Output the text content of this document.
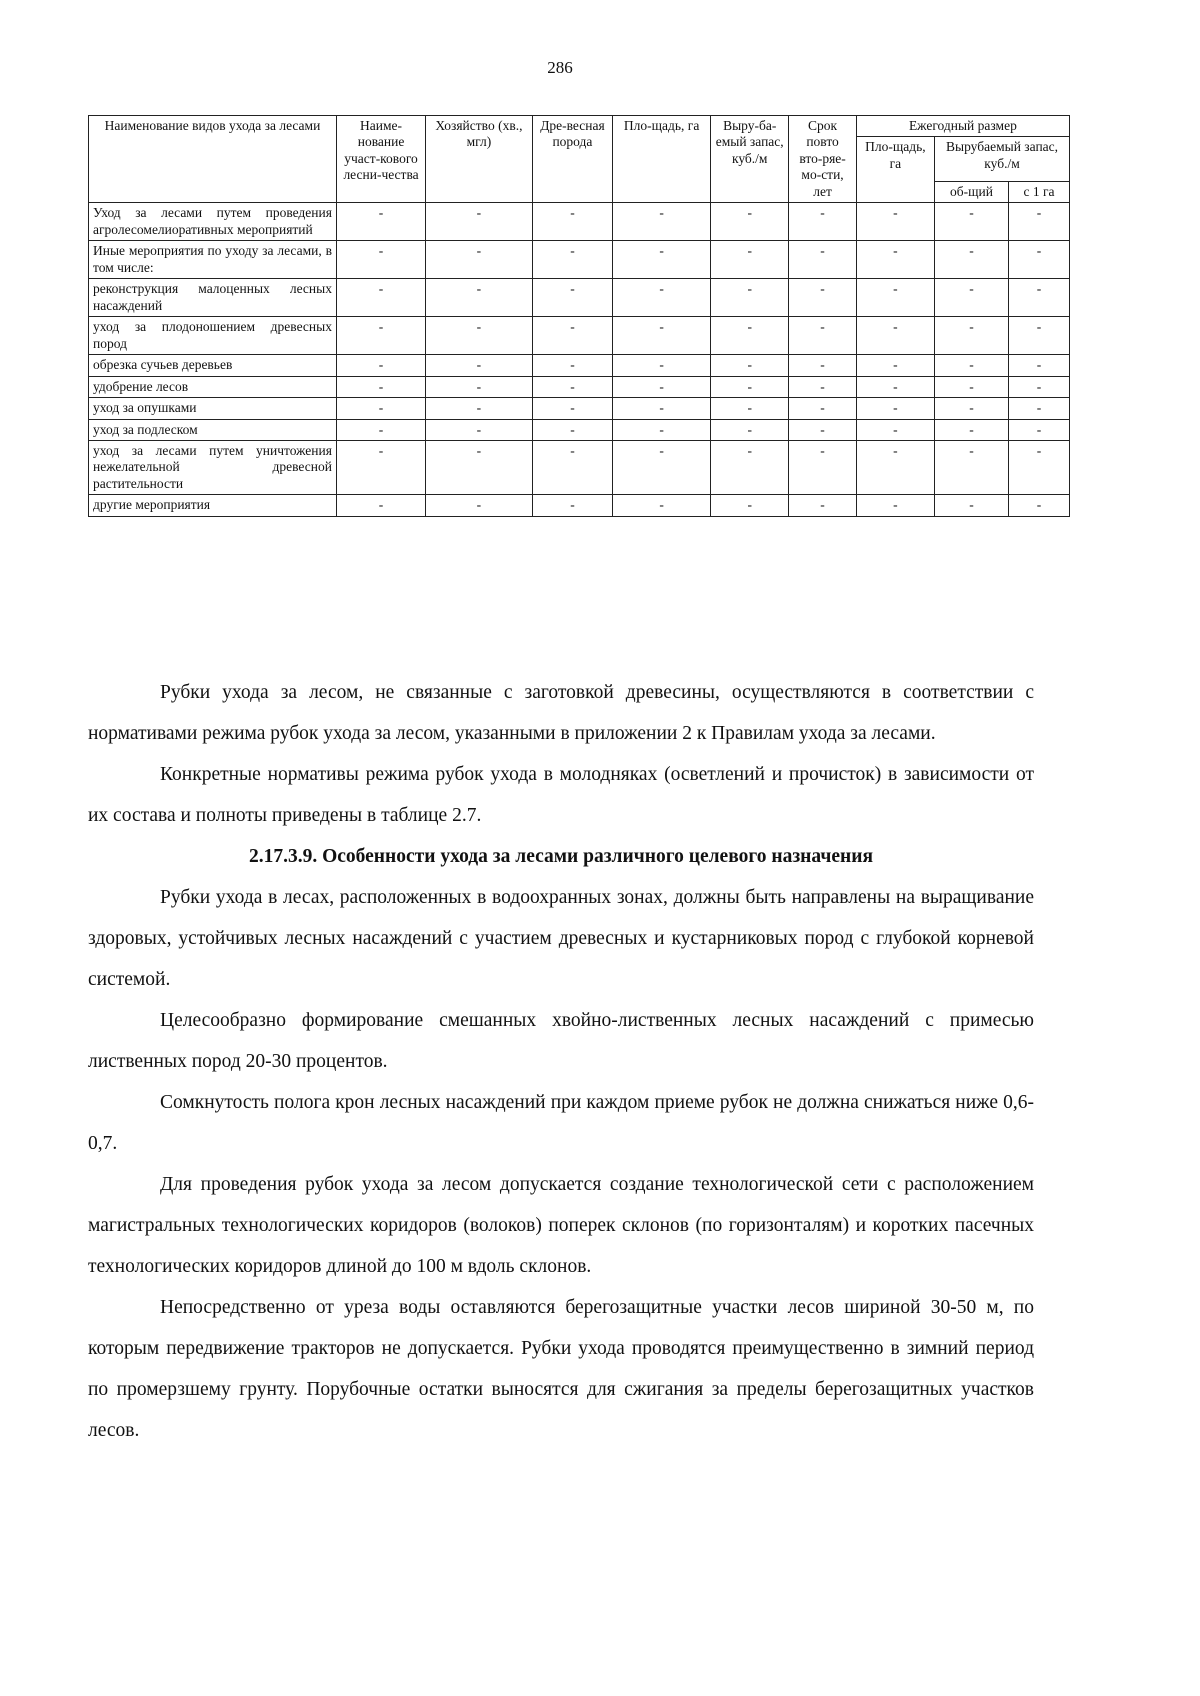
286
Наименование видов ухода за лесами	Наиме-нование участ-кового лесни-чества	Хозяйство (хв., мгл)	Дре-весная порода	Пло-щадь, га	Выру-ба-емый запас, куб./м	Срок повто вто-ряе-мо-сти, лет	Ежегодный размер		
							Пло-щадь, га	Вырубаемый запас, куб./м	
								об-щий	с 1 га
Уход за лесами путем проведения агролесомелиоративных мероприятий	-	-	-	-	-	-	-	-	-
Иные мероприятия по уходу за лесами, в том числе:	-	-	-	-	-	-	-	-	-
реконструкция малоценных лесных насаждений	-	-	-	-	-	-	-	-	-
уход за плодоношением древесных пород	-	-	-	-	-	-	-	-	-
обрезка сучьев деревьев	-	-	-	-	-	-	-	-	-
удобрение лесов	-	-	-	-	-	-	-	-	-
уход за опушками	-	-	-	-	-	-	-	-	-
уход за подлеском	-	-	-	-	-	-	-	-	-
уход за лесами путем уничтожения нежелательной древесной растительности	-	-	-	-	-	-	-	-	-
другие мероприятия	-	-	-	-	-	-	-	-	-

Рубки ухода за лесом, не связанные с заготовкой древесины, осуществляются в соответствии с нормативами режима рубок ухода за лесом, указанными в приложении 2 к Правилам ухода за лесами.

Конкретные нормативы режима рубок ухода в молодняках (осветлений и прочисток) в зависимости от их состава и полноты приведены в таблице 2.7.

2.17.3.9. Особенности ухода за лесами различного целевого назначения

Рубки ухода в лесах, расположенных в водоохранных зонах, должны быть направлены на выращивание здоровых, устойчивых лесных насаждений с участием древесных и кустарниковых пород с глубокой корневой системой.

Целесообразно формирование смешанных хвойно-лиственных лесных насаждений с примесью лиственных пород 20-30 процентов.

Сомкнутость полога крон лесных насаждений при каждом приеме рубок не должна снижаться ниже 0,6-0,7.

Для проведения рубок ухода за лесом допускается создание технологической сети с расположением магистральных технологических коридоров (волоков) поперек склонов (по горизонталям) и коротких пасечных технологических коридоров длиной до 100 м вдоль склонов.

Непосредственно от уреза воды оставляются берегозащитные участки лесов шириной 30-50 м, по которым передвижение тракторов не допускается. Рубки ухода проводятся преимущественно в зимний период по промерзшему грунту. Порубочные остатки выносятся для сжигания за пределы берегозащитных участков лесов.
